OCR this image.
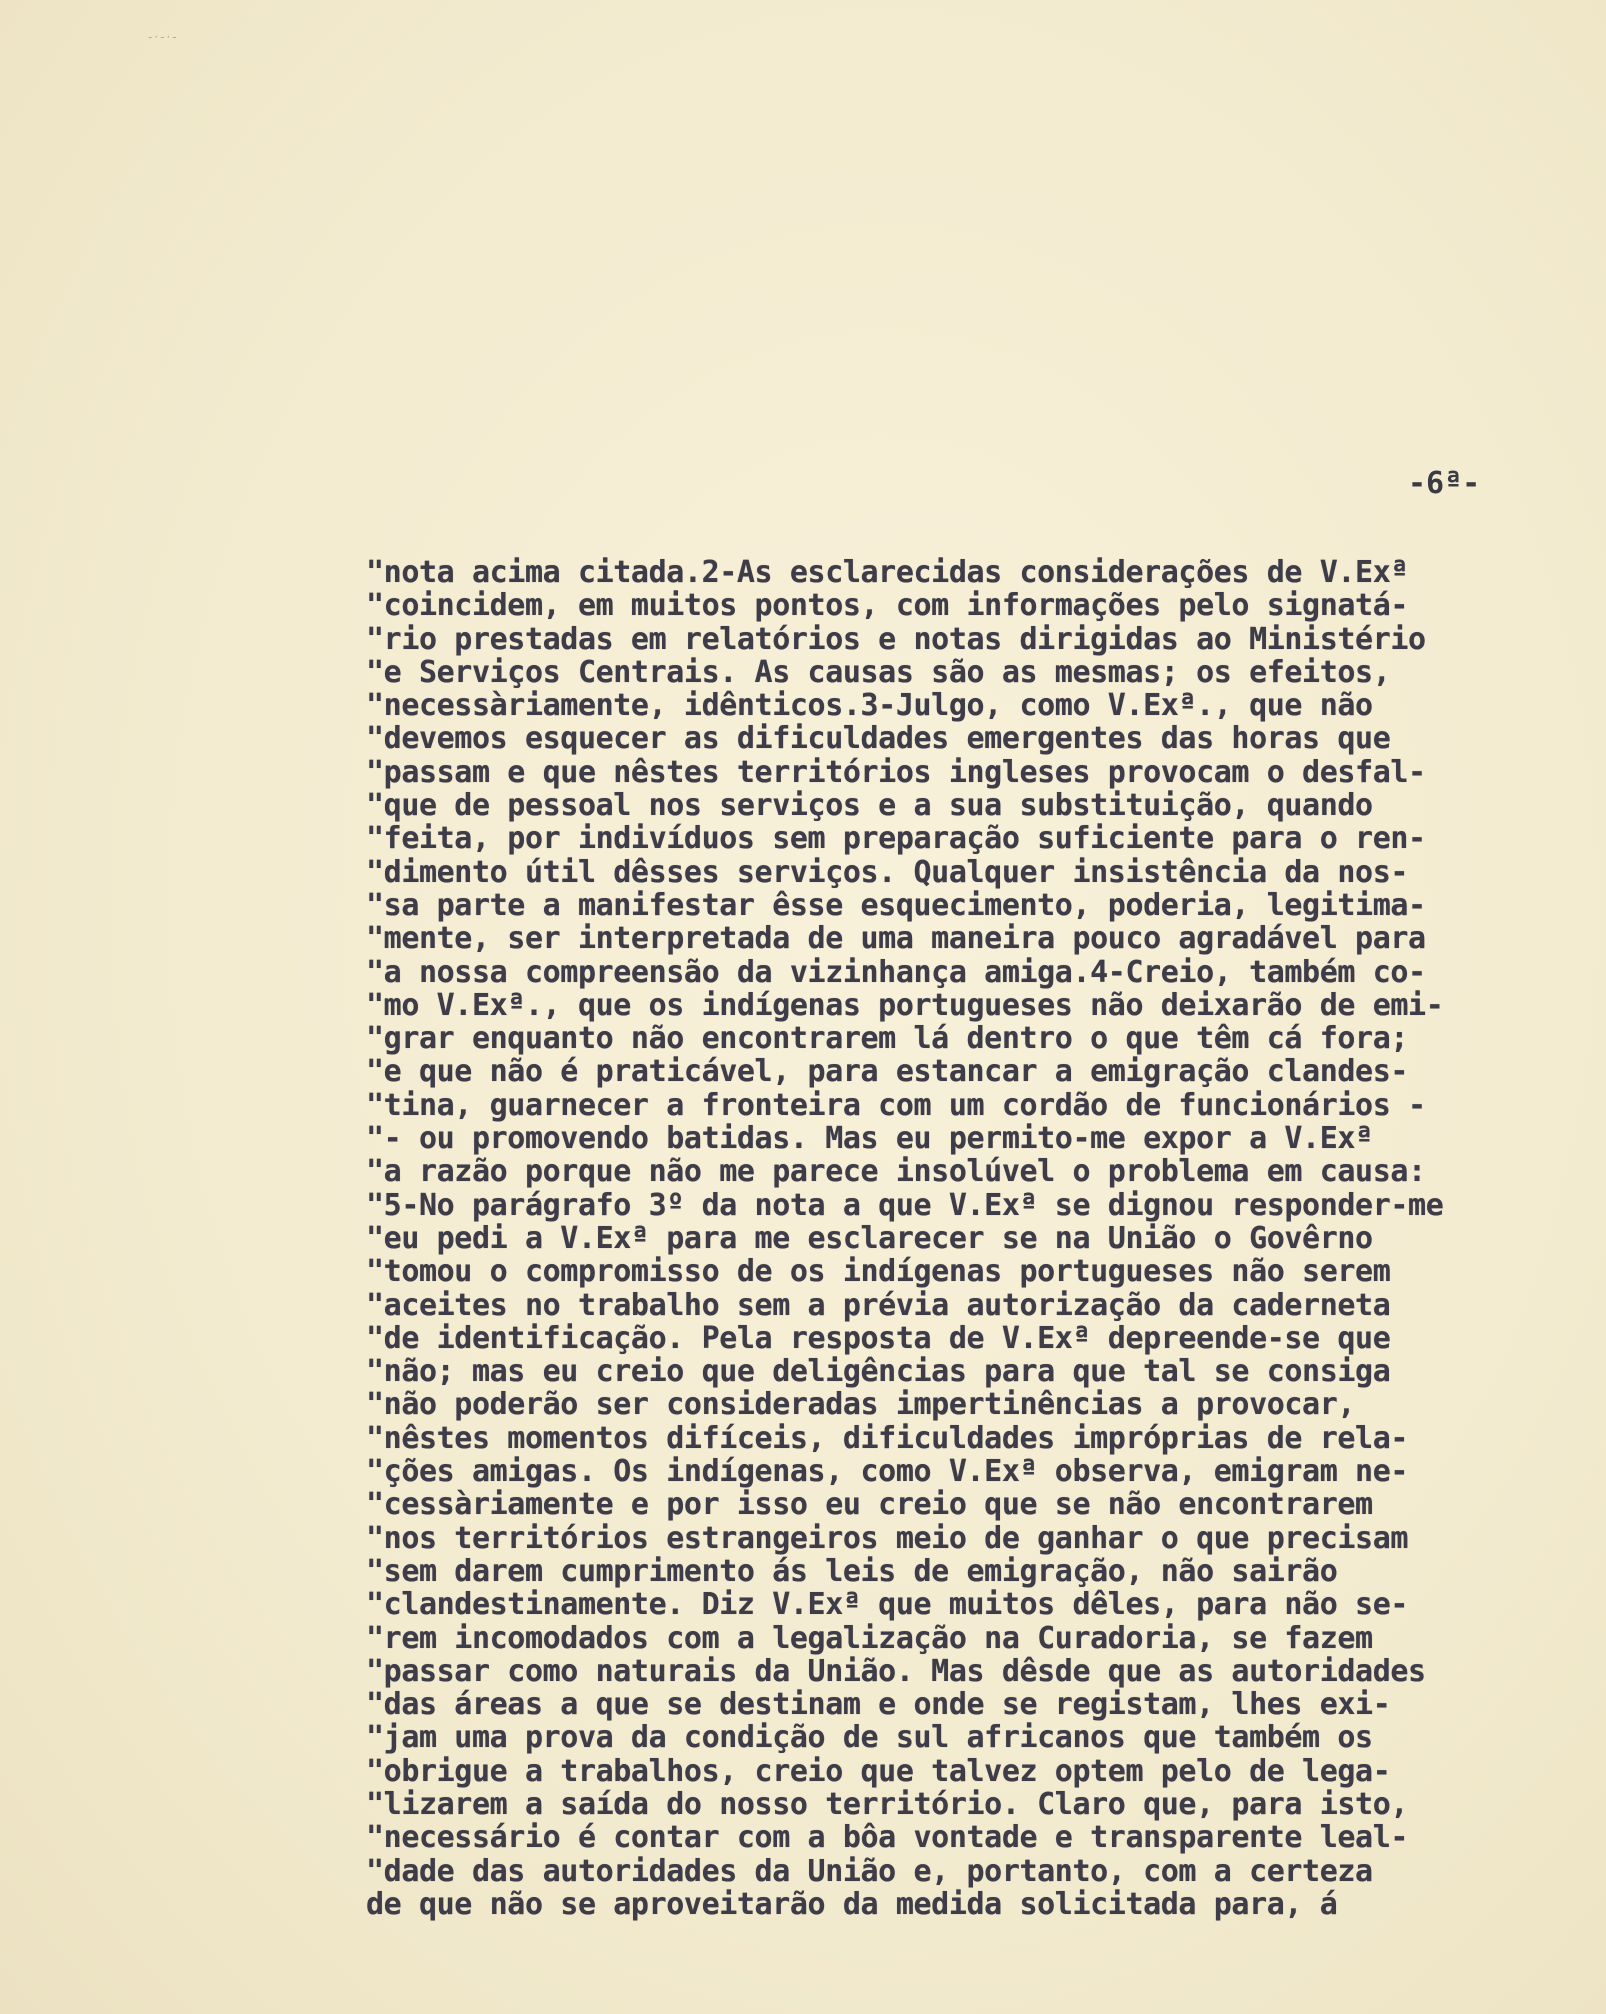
-·-·-
-6ª-
"nota acima citada.2-As esclarecidas considerações de V.Exª
"coincidem, em muitos pontos, com informações pelo signatá-
"rio prestadas em relatórios e notas dirigidas ao Ministério
"e Serviços Centrais. As causas são as mesmas; os efeitos,
"necessàriamente, idênticos.3-Julgo, como V.Exª., que não
"devemos esquecer as dificuldades emergentes das horas que
"passam e que nêstes territórios ingleses provocam o desfal-
"que de pessoal nos serviços e a sua substituição, quando
"feita, por indivíduos sem preparação suficiente para o ren-
"dimento útil dêsses serviços. Qualquer insistência da nos-
"sa parte a manifestar êsse esquecimento, poderia, legitima-
"mente, ser interpretada de uma maneira pouco agradável para
"a nossa compreensão da vizinhança amiga.4-Creio, também co-
"mo V.Exª., que os indígenas portugueses não deixarão de emi-
"grar enquanto não encontrarem lá dentro o que têm cá fora;
"e que não é praticável, para estancar a emigração clandes-
"tina, guarnecer a fronteira com um cordão de funcionários -
"- ou promovendo batidas. Mas eu permito-me expor a V.Exª
"a razão porque não me parece insolúvel o problema em causa:
"5-No parágrafo 3º da nota a que V.Exª se dignou responder-me
"eu pedi a V.Exª para me esclarecer se na União o Govêrno
"tomou o compromisso de os indígenas portugueses não serem
"aceites no trabalho sem a prévia autorização da caderneta
"de identificação. Pela resposta de V.Exª depreende-se que
"não; mas eu creio que deligências para que tal se consiga
"não poderão ser consideradas impertinências a provocar,
"nêstes momentos difíceis, dificuldades impróprias de rela-
"ções amigas. Os indígenas, como V.Exª observa, emigram ne-
"cessàriamente e por isso eu creio que se não encontrarem
"nos territórios estrangeiros meio de ganhar o que precisam
"sem darem cumprimento ás leis de emigração, não sairão
"clandestinamente. Diz V.Exª que muitos dêles, para não se-
"rem incomodados com a legalização na Curadoria, se fazem
"passar como naturais da União. Mas dêsde que as autoridades
"das áreas a que se destinam e onde se registam, lhes exi-
"jam uma prova da condição de sul africanos que também os
"obrigue a trabalhos, creio que talvez optem pelo de lega-
"lizarem a saída do nosso território. Claro que, para isto,
"necessário é contar com a bôa vontade e transparente leal-
"dade das autoridades da União e, portanto, com a certeza
de que não se aproveitarão da medida solicitada para, á
